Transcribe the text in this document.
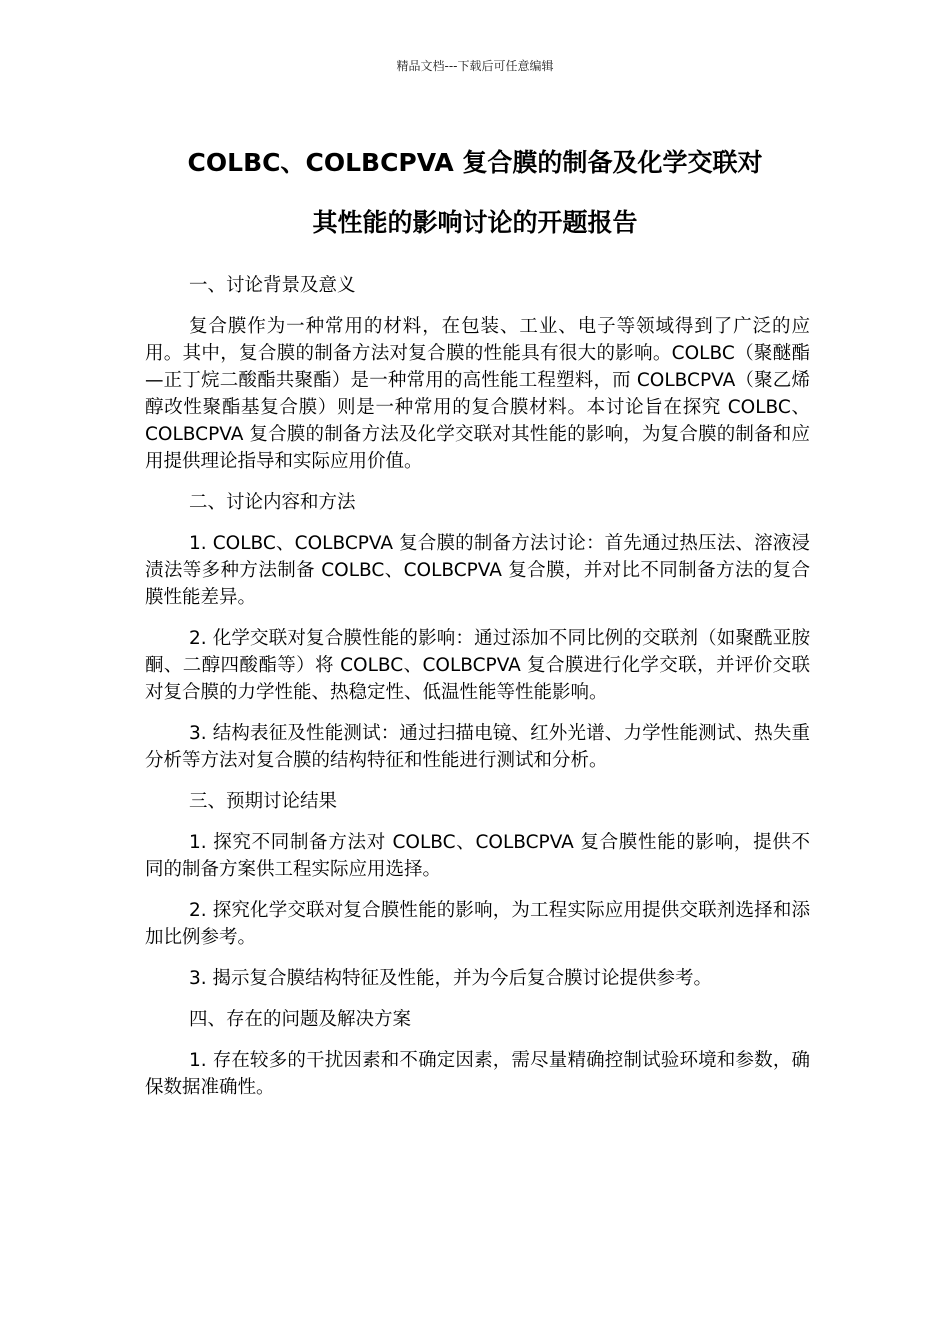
精品文档---下载后可任意编辑
COLBC、COLBCPVA 复合膜的制备及化学交联对
其性能的影响讨论的开题报告

一、讨论背景及意义

复合膜作为一种常用的材料，在包装、工业、电子等领域得到了广泛的应用。其中，复合膜的制备方法对复合膜的性能具有很大的影响。COLBC（聚醚酯—正丁烷二酸酯共聚酯）是一种常用的高性能工程塑料，而 COLBCPVA（聚乙烯醇改性聚酯基复合膜）则是一种常用的复合膜材料。本讨论旨在探究 COLBC、COLBCPVA 复合膜的制备方法及化学交联对其性能的影响，为复合膜的制备和应用提供理论指导和实际应用价值。

二、讨论内容和方法

1. COLBC、COLBCPVA 复合膜的制备方法讨论：首先通过热压法、溶液浸渍法等多种方法制备 COLBC、COLBCPVA 复合膜，并对比不同制备方法的复合膜性能差异。

2. 化学交联对复合膜性能的影响：通过添加不同比例的交联剂（如聚酰亚胺酮、二醇四酸酯等）将 COLBC、COLBCPVA 复合膜进行化学交联，并评价交联对复合膜的力学性能、热稳定性、低温性能等性能影响。

3. 结构表征及性能测试：通过扫描电镜、红外光谱、力学性能测试、热失重分析等方法对复合膜的结构特征和性能进行测试和分析。

三、预期讨论结果

1. 探究不同制备方法对 COLBC、COLBCPVA 复合膜性能的影响，提供不同的制备方案供工程实际应用选择。

2. 探究化学交联对复合膜性能的影响，为工程实际应用提供交联剂选择和添加比例参考。

3. 揭示复合膜结构特征及性能，并为今后复合膜讨论提供参考。

四、存在的问题及解决方案

1. 存在较多的干扰因素和不确定因素，需尽量精确控制试验环境和参数，确保数据准确性。
